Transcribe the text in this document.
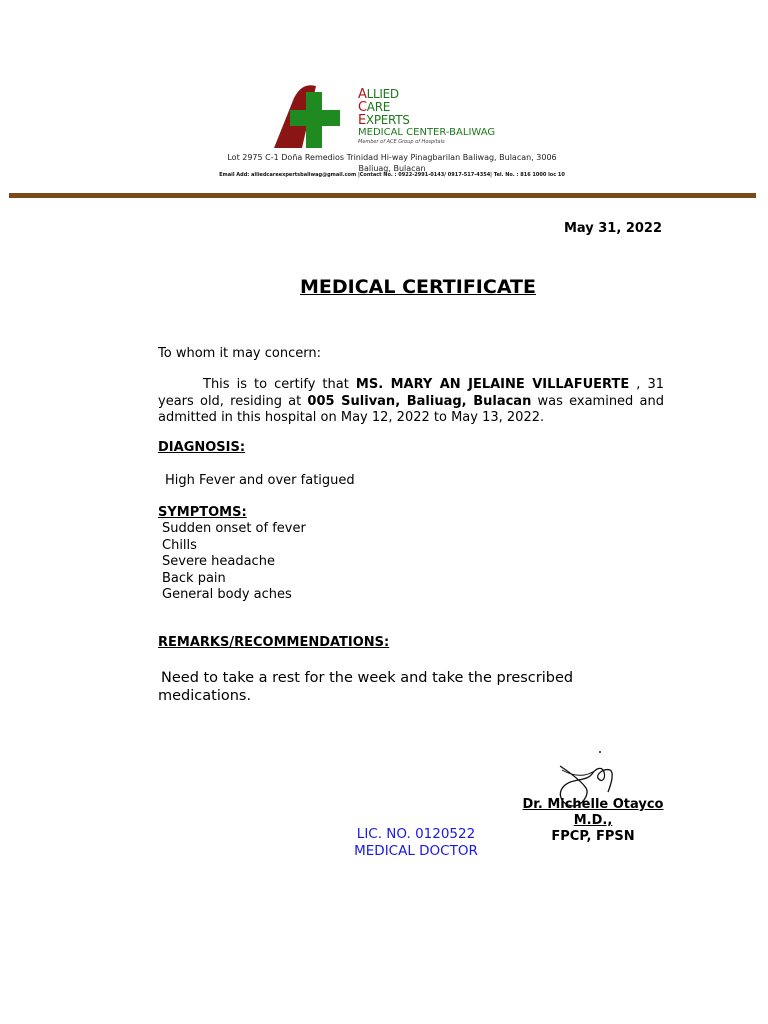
ALLIED
CARE
EXPERTS
MEDICAL CENTER-BALIWAG
Member of ACE Group of Hospitals
Lot 2975 C-1 Doña Remedios Trinidad Hi-way Pinagbarilan Baliwag, Bulacan, 3006
Baliuag, Bulacan
Email Add: alliedcareexpertsbaliwag@gmail.com |Contact No. : 0922-2991-0143/ 0917-517-4354| Tel. No. : 816 1000 loc 10
May 31, 2022
MEDICAL CERTIFICATE
To whom it may concern:
This is to certify that MS. MARY AN JELAINE VILLAFUERTE , 31 years old, residing at 005 Sulivan, Baliuag, Bulacan was examined and admitted in this hospital on May 12, 2022 to May 13, 2022.
DIAGNOSIS:
High Fever and over fatigued
SYMPTOMS:
Sudden onset of fever
Chills
Severe headache
Back pain
General body aches
REMARKS/RECOMMENDATIONS:
Need to take a rest for the week and take the prescribed medications.
Dr. Michelle Otayco M.D.,
FPCP, FPSN
LIC. NO. 0120522
MEDICAL DOCTOR
